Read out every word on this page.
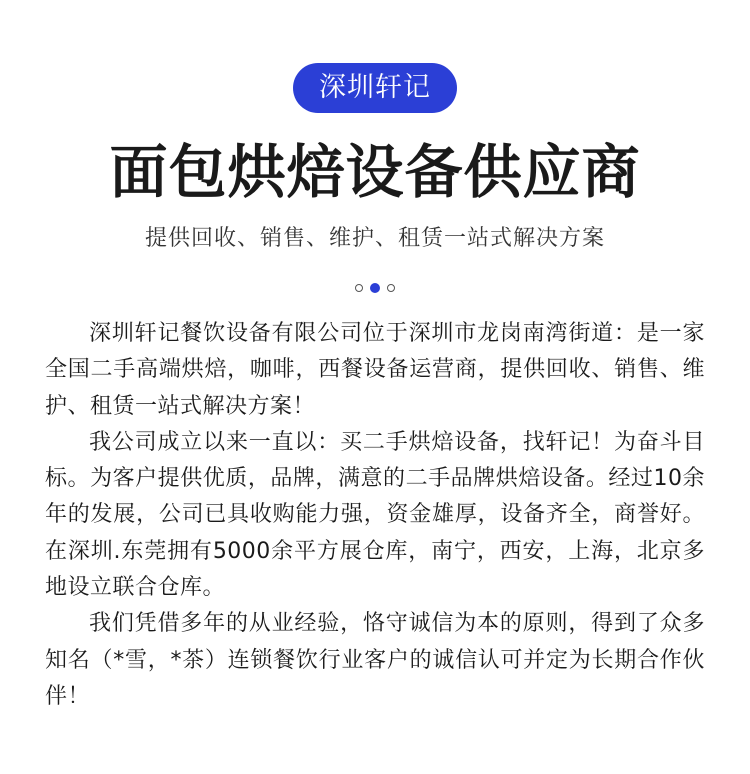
深圳轩记
面包烘焙设备供应商
提供回收、销售、维护、租赁一站式解决方案

深圳轩记餐饮设备有限公司位于深圳市龙岗南湾街道：是一家全国二手高端烘焙，咖啡，西餐设备运营商，提供回收、销售、维护、租赁一站式解决方案！

我公司成立以来一直以：买二手烘焙设备，找轩记！为奋斗目标。为客户提供优质，品牌，满意的二手品牌烘焙设备。经过10余年的发展，公司已具收购能力强，资金雄厚，设备齐全，商誉好。在深圳.东莞拥有5000余平方展仓库，南宁，西安，上海，北京多地设立联合仓库。

我们凭借多年的从业经验，恪守诚信为本的原则，得到了众多知名（*雪，*茶）连锁餐饮行业客户的诚信认可并定为长期合作伙伴！
